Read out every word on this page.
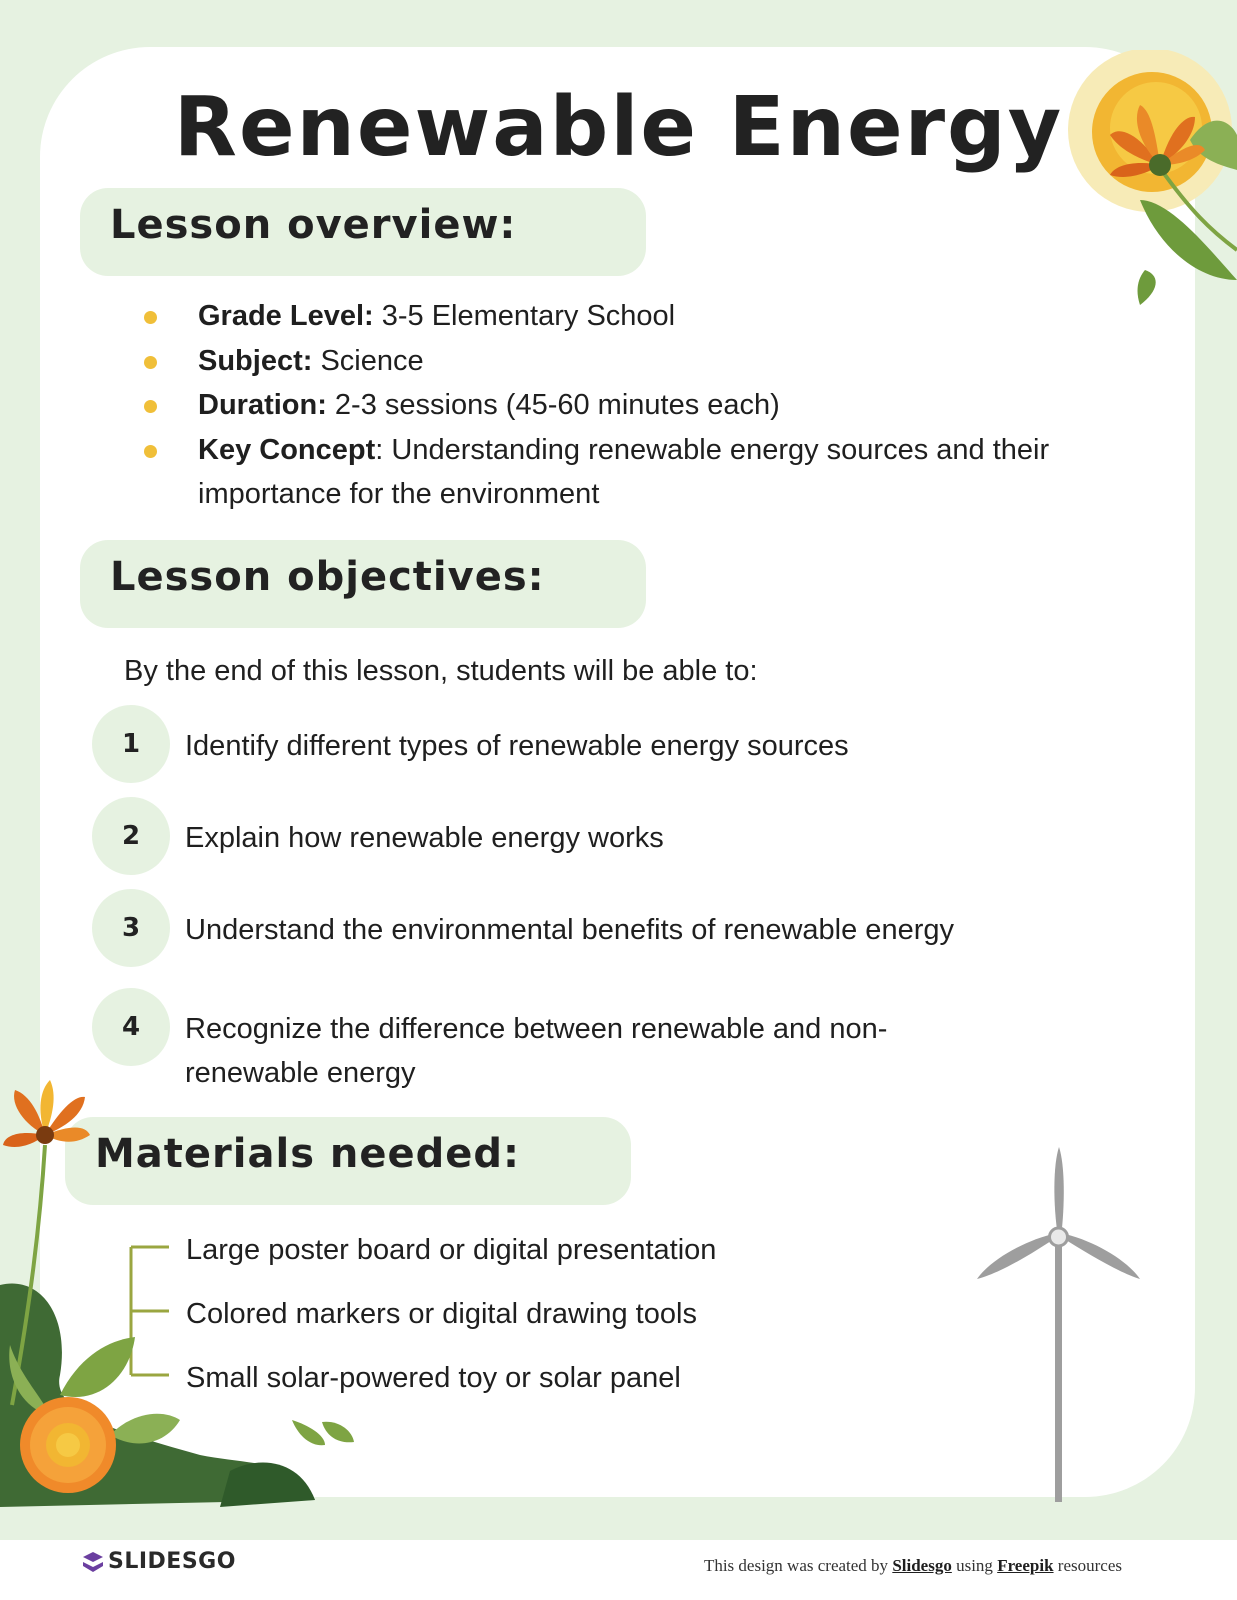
Renewable Energy
Lesson overview:
Grade Level: 3-5 Elementary School
Subject: Science
Duration: 2-3 sessions (45-60 minutes each)
Key Concept: Understanding renewable energy sources and their importance for the environment
Lesson objectives:

By the end of this lesson, students will be able to:

1	Identify different types of renewable energy sources
2	Explain how renewable energy works
3	Understand the environmental benefits of renewable energy
4	Recognize the difference between renewable and non-renewable energy
Materials needed:
Large poster board or digital presentation
Colored markers or digital drawing tools
Small solar-powered toy or solar panel
SLIDESGO	This design was created by Slidesgo using Freepik resources
